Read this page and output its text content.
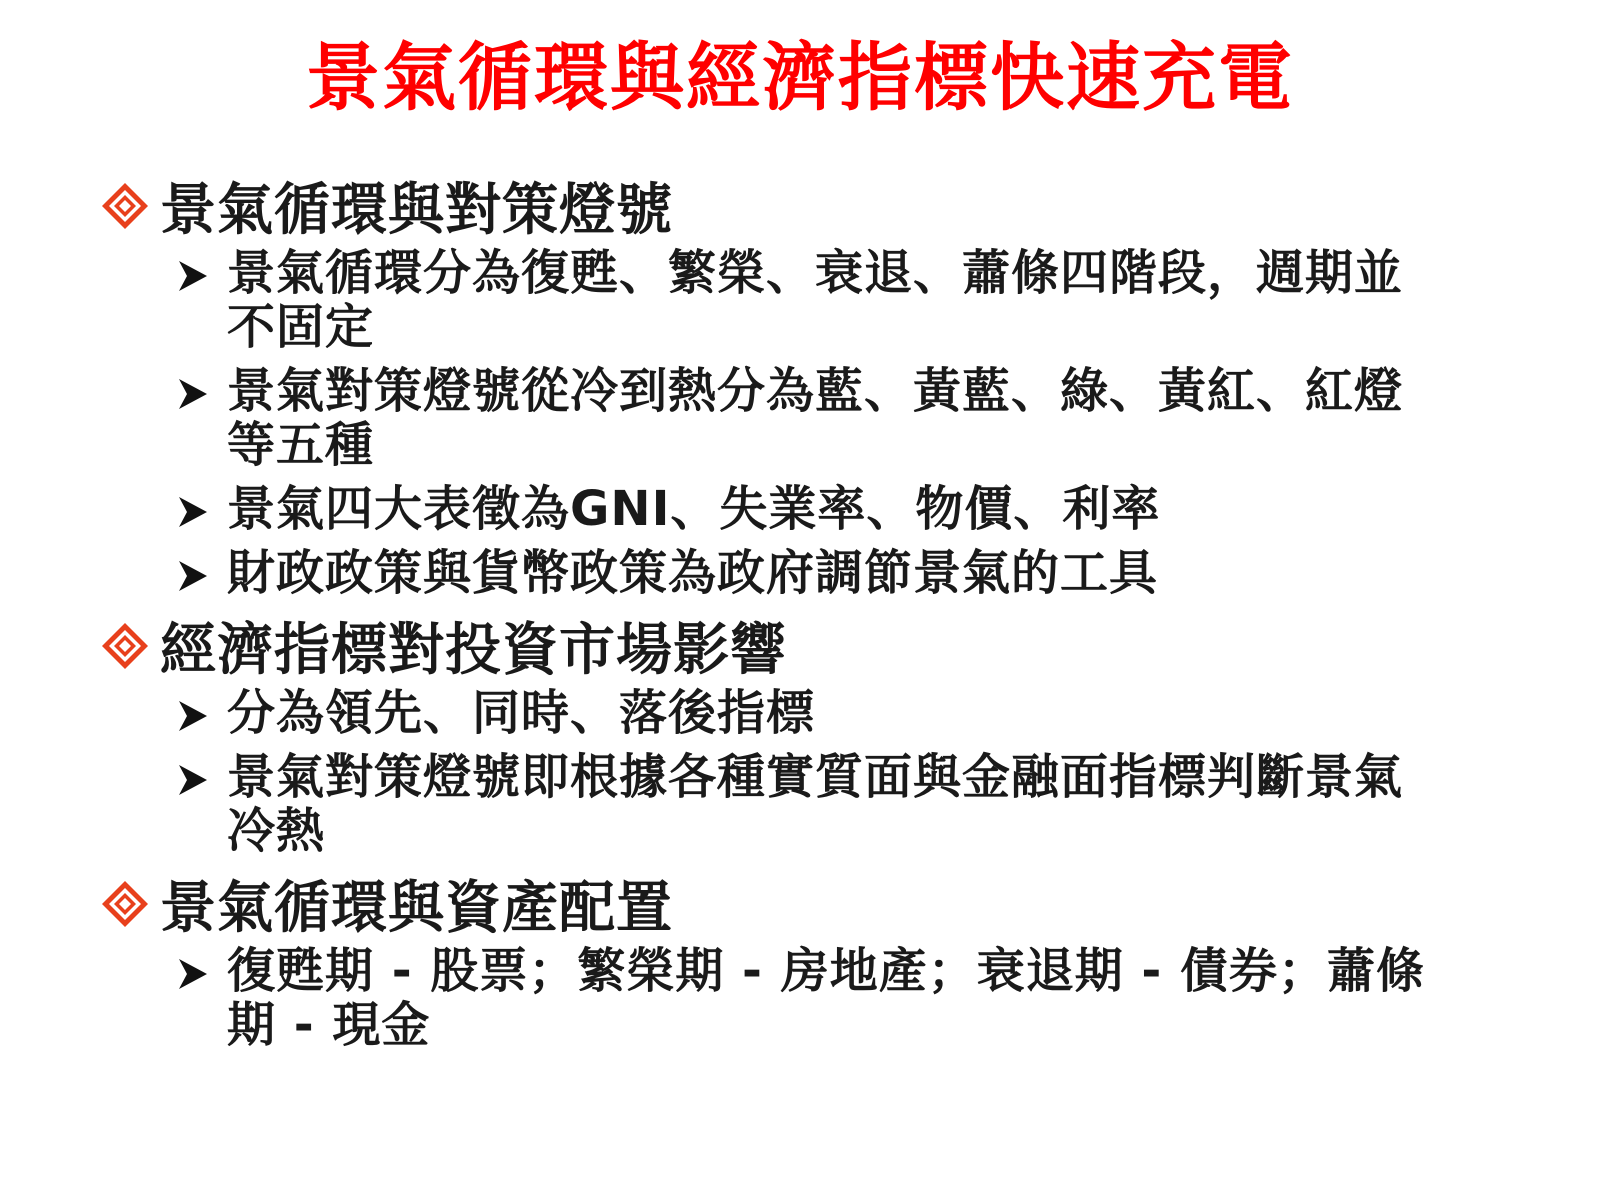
景氣循環與經濟指標快速充電
景氣循環與對策燈號
景氣循環分為復甦、繁榮、衰退、蕭條四階段，週期並不固定
景氣對策燈號從冷到熱分為藍、黃藍、綠、黃紅、紅燈等五種
景氣四大表徵為GNI、失業率、物價、利率
財政政策與貨幣政策為政府調節景氣的工具
經濟指標對投資市場影響
分為領先、同時、落後指標
景氣對策燈號即根據各種實質面與金融面指標判斷景氣冷熱
景氣循環與資產配置
復甦期 - 股票；繁榮期 - 房地產；衰退期 - 債券；蕭條期 - 現金
